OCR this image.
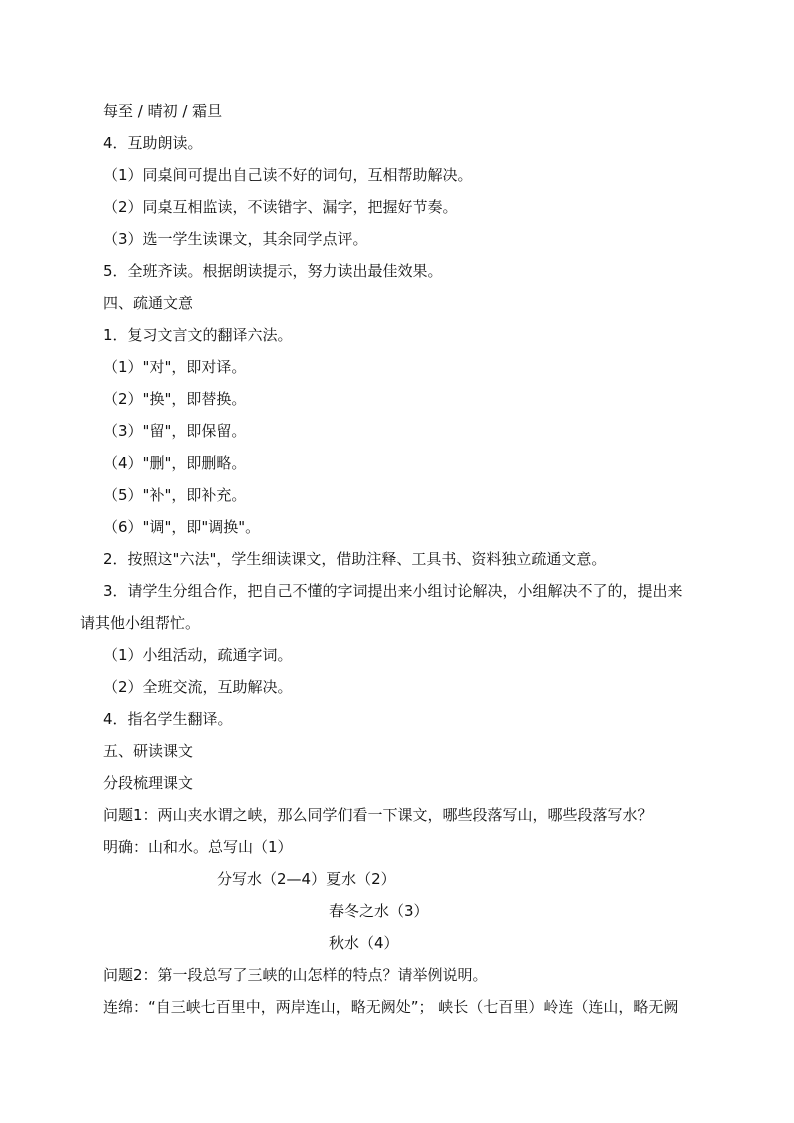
每至 / 晴初 / 霜旦
4．互助朗读。
（1）同桌间可提出自己读不好的词句，互相帮助解决。
（2）同桌互相监读，不读错字、漏字，把握好节奏。
（3）选一学生读课文，其余同学点评。
5．全班齐读。根据朗读提示，努力读出最佳效果。
四、疏通文意
1．复习文言文的翻译六法。
（1）"对"，即对译。
（2）"换"，即替换。
（3）"留"，即保留。
（4）"删"，即删略。
（5）"补"，即补充。
（6）"调"，即"调换"。
2．按照这"六法"，学生细读课文，借助注释、工具书、资料独立疏通文意。
3．请学生分组合作，把自己不懂的字词提出来小组讨论解决，小组解决不了的，提出来
请其他小组帮忙。
（1）小组活动，疏通字词。
（2）全班交流，互助解决。
4．指名学生翻译。
五、研读课文
分段梳理课文
问题1：两山夹水谓之峡，那么同学们看一下课文，哪些段落写山，哪些段落写水？
明确：山和水。总写山（1）
分写水（2—4）夏水（2）
春冬之水（3）
秋水（4）
问题2：第一段总写了三峡的山怎样的特点？请举例说明。
连绵：“自三峡七百里中，两岸连山，略无阙处”； 峡长（七百里）岭连（连山，略无阙
